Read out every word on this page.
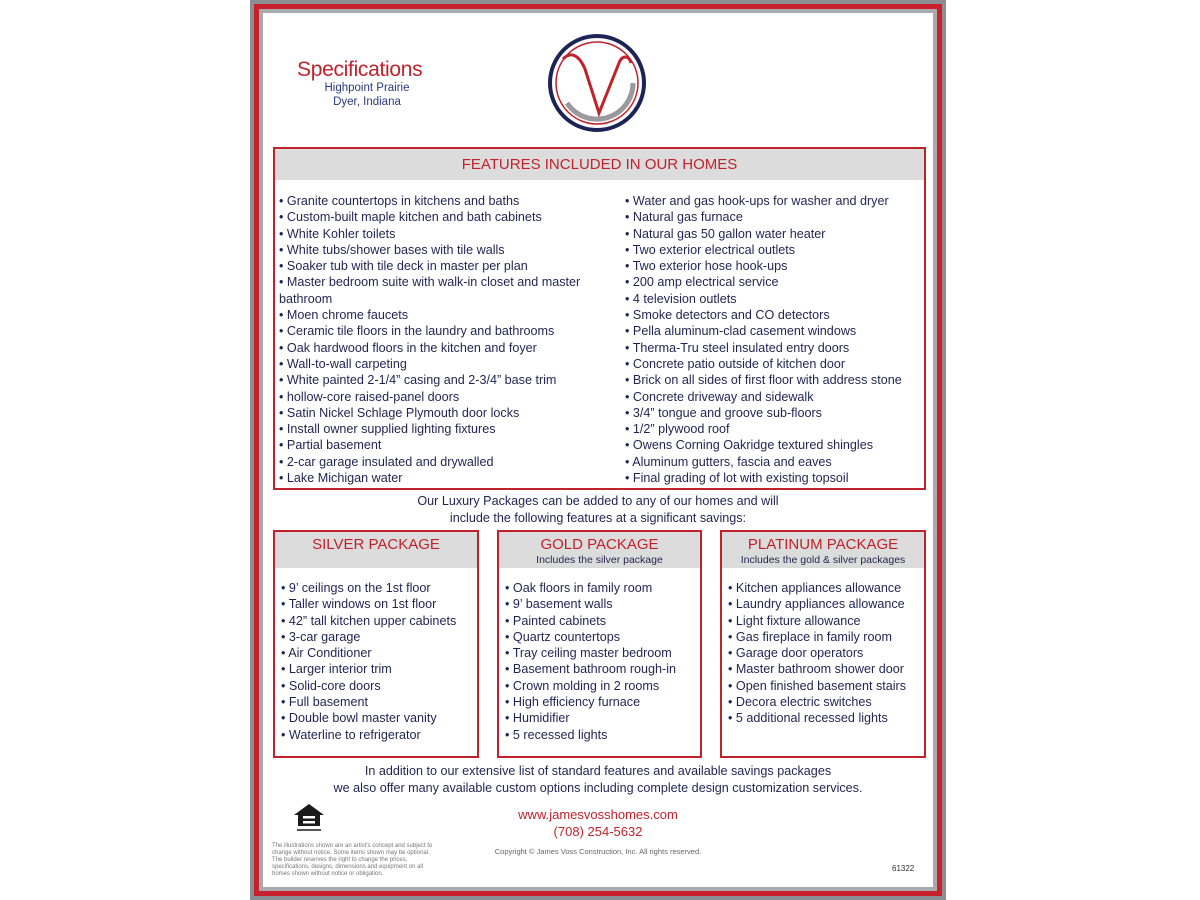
Specifications
Highpoint Prairie
Dyer, Indiana
FEATURES INCLUDED IN OUR HOMES
• Granite countertops in kitchens and baths
• Custom-built maple kitchen and bath cabinets
• White Kohler toilets
• White tubs/shower bases with tile walls
• Soaker tub with tile deck in master per plan
• Master bedroom suite with walk-in closet and master bathroom
• Moen chrome faucets
• Ceramic tile floors in the laundry and bathrooms
• Oak hardwood floors in the kitchen and foyer
• Wall-to-wall carpeting
• White painted 2-1/4” casing and 2-3/4” base trim
• hollow-core raised-panel doors
• Satin Nickel Schlage Plymouth door locks
• Install owner supplied lighting fixtures
• Partial basement
• 2-car garage insulated and drywalled
• Lake Michigan water
• Water and gas hook-ups for washer and dryer
• Natural gas furnace
• Natural gas 50 gallon water heater
• Two exterior electrical outlets
• Two exterior hose hook-ups
• 200 amp electrical service
• 4 television outlets
• Smoke detectors and CO detectors
• Pella aluminum-clad casement windows
• Therma-Tru steel insulated entry doors
• Concrete patio outside of kitchen door
• Brick on all sides of first floor with address stone
• Concrete driveway and sidewalk
• 3/4” tongue and groove sub-floors
• 1/2” plywood roof
• Owens Corning Oakridge textured shingles
• Aluminum gutters, fascia and eaves
• Final grading of lot with existing topsoil
Our Luxury Packages can be added to any of our homes and will
include the following features at a significant savings:
SILVER PACKAGE
• 9’ ceilings on the 1st floor
• Taller windows on 1st floor
• 42” tall kitchen upper cabinets
• 3-car garage
• Air Conditioner
• Larger interior trim
• Solid-core doors
• Full basement
• Double bowl master vanity
• Waterline to refrigerator
GOLD PACKAGE
Includes the silver package
• Oak floors in family room
• 9’ basement walls
• Painted cabinets
• Quartz countertops
• Tray ceiling master bedroom
• Basement bathroom rough-in
• Crown molding in 2 rooms
• High efficiency furnace
• Humidifier
• 5 recessed lights
PLATINUM PACKAGE
Includes the gold & silver packages
• Kitchen appliances allowance
• Laundry appliances allowance
• Light fixture allowance
• Gas fireplace in family room
• Garage door operators
• Master bathroom shower door
• Open finished basement stairs
• Decora electric switches
• 5 additional recessed lights
In addition to our extensive list of standard features and available savings packages
we also offer many available custom options including complete design customization services.
The illustrations shown are an artist's concept and subject to change without notice. Some items shown may be optional. The builder reserves the right to change the prices, specifications, designs, dimensions and equipment on all homes shown without notice or obligation.
www.jamesvosshomes.com
(708) 254-5632
Copyright © James Voss Construction, Inc. All rights reserved.
61322
